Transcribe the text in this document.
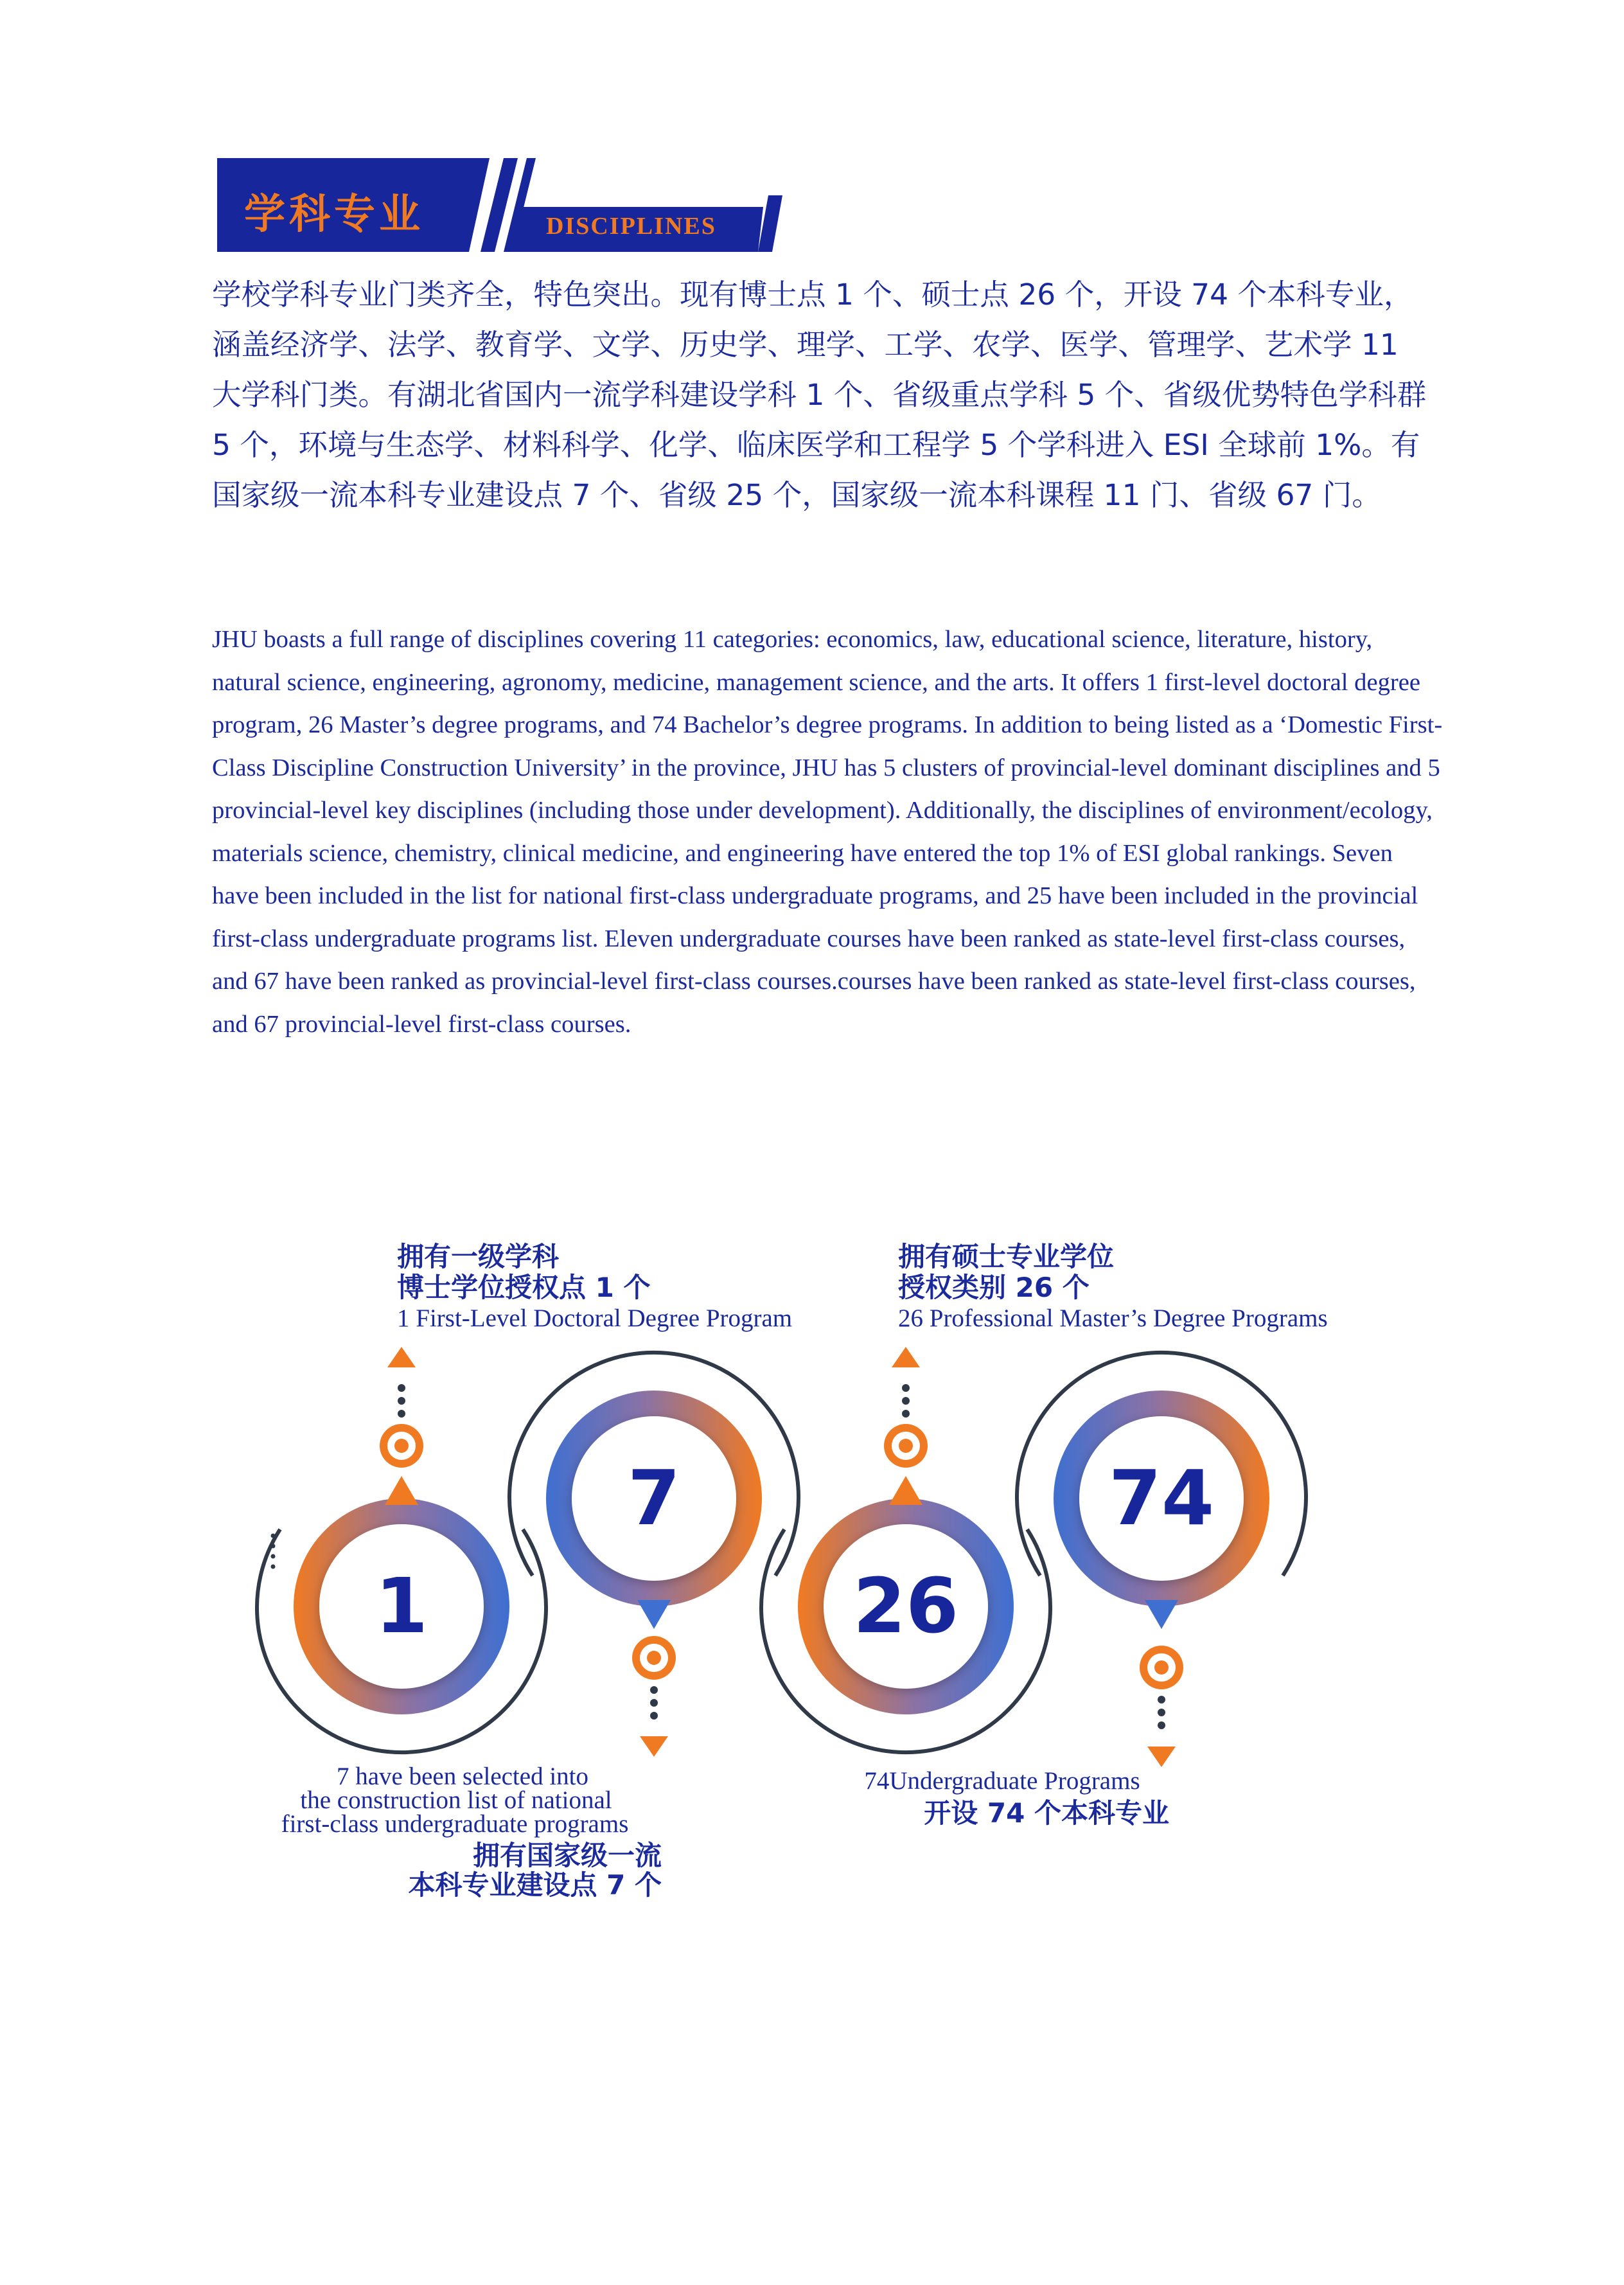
学科专业	DISCIPLINES

学校学科专业门类齐全，特色突出。现有博士点 1 个、硕士点 26 个，开设 74 个本科专业，涵盖经济学、法学、教育学、文学、历史学、理学、工学、农学、医学、管理学、艺术学 11 大学科门类。有湖北省国内一流学科建设学科 1 个、省级重点学科 5 个、省级优势特色学科群 5 个，环境与生态学、材料科学、化学、临床医学和工程学 5 个学科进入 ESI 全球前 1%。有国家级一流本科专业建设点 7 个、省级 25 个，国家级一流本科课程 11 门、省级 67 门。

JHU boasts a full range of disciplines covering 11 categories: economics, law, educational science, literature, history, natural science, engineering, agronomy, medicine, management science, and the arts. It offers 1 first-level doctoral degree program, 26 Master’s degree programs, and 74 Bachelor’s degree programs. In addition to being listed as a ‘Domestic First-Class Discipline Construction University’ in the province, JHU has 5 clusters of provincial-level dominant disciplines and 5 provincial-level key disciplines (including those under development). Additionally, the disciplines of environment/ecology, materials science, chemistry, clinical medicine, and engineering have entered the top 1% of ESI global rankings. Seven have been included in the list for national first-class undergraduate programs, and 25 have been included in the provincial first-class undergraduate programs list. Eleven undergraduate courses have been ranked as state-level first-class courses, and 67 have been ranked as provincial-level first-class courses.courses have been ranked as state-level first-class courses, and 67 provincial-level first-class courses.

1
7
26
74
拥有一级学科
博士学位授权点 1 个
1 First-Level Doctoral Degree Program
拥有硕士专业学位
授权类别 26 个
26 Professional Master’s Degree Programs
7 have been selected into
the construction list of national
first-class undergraduate programs
拥有国家级一流
本科专业建设点 7 个
74Undergraduate Programs
开设 74 个本科专业
